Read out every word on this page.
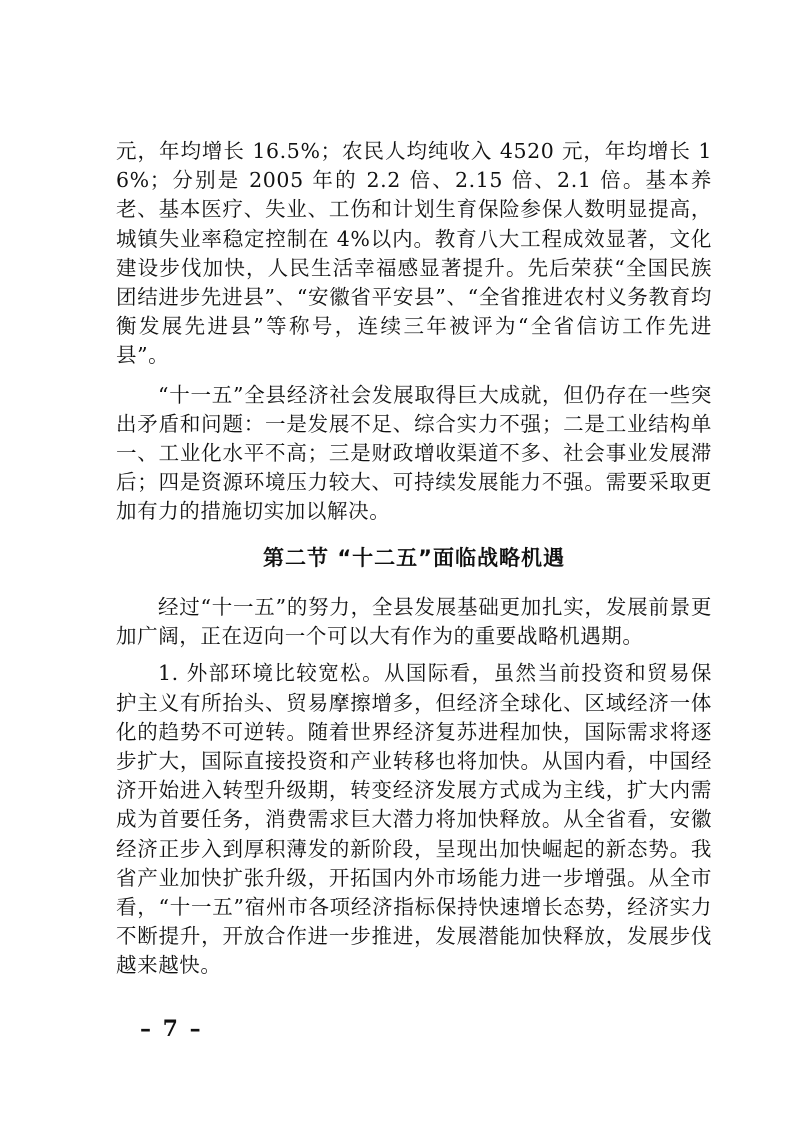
元，年均增长 16.5%；农民人均纯收入 4520 元，年均增长 16%；分别是 2005 年的 2.2 倍、2.15 倍、2.1 倍。基本养老、基本医疗、失业、工伤和计划生育保险参保人数明显提高，城镇失业率稳定控制在 4%以内。教育八大工程成效显著，文化建设步伐加快，人民生活幸福感显著提升。先后荣获“全国民族团结进步先进县”、“安徽省平安县”、“全省推进农村义务教育均衡发展先进县”等称号，连续三年被评为“全省信访工作先进县”。

“十一五”全县经济社会发展取得巨大成就，但仍存在一些突出矛盾和问题：一是发展不足、综合实力不强；二是工业结构单一、工业化水平不高；三是财政增收渠道不多、社会事业发展滞后；四是资源环境压力较大、可持续发展能力不强。需要采取更加有力的措施切实加以解决。

第二节 “十二五”面临战略机遇

经过“十一五”的努力，全县发展基础更加扎实，发展前景更加广阔，正在迈向一个可以大有作为的重要战略机遇期。

1. 外部环境比较宽松。从国际看，虽然当前投资和贸易保护主义有所抬头、贸易摩擦增多，但经济全球化、区域经济一体化的趋势不可逆转。随着世界经济复苏进程加快，国际需求将逐步扩大，国际直接投资和产业转移也将加快。从国内看，中国经济开始进入转型升级期，转变经济发展方式成为主线，扩大内需成为首要任务，消费需求巨大潜力将加快释放。从全省看，安徽经济正步入到厚积薄发的新阶段，呈现出加快崛起的新态势。我省产业加快扩张升级，开拓国内外市场能力进一步增强。从全市看，“十一五”宿州市各项经济指标保持快速增长态势，经济实力不断提升，开放合作进一步推进，发展潜能加快释放，发展步伐越来越快。

– 7 –
